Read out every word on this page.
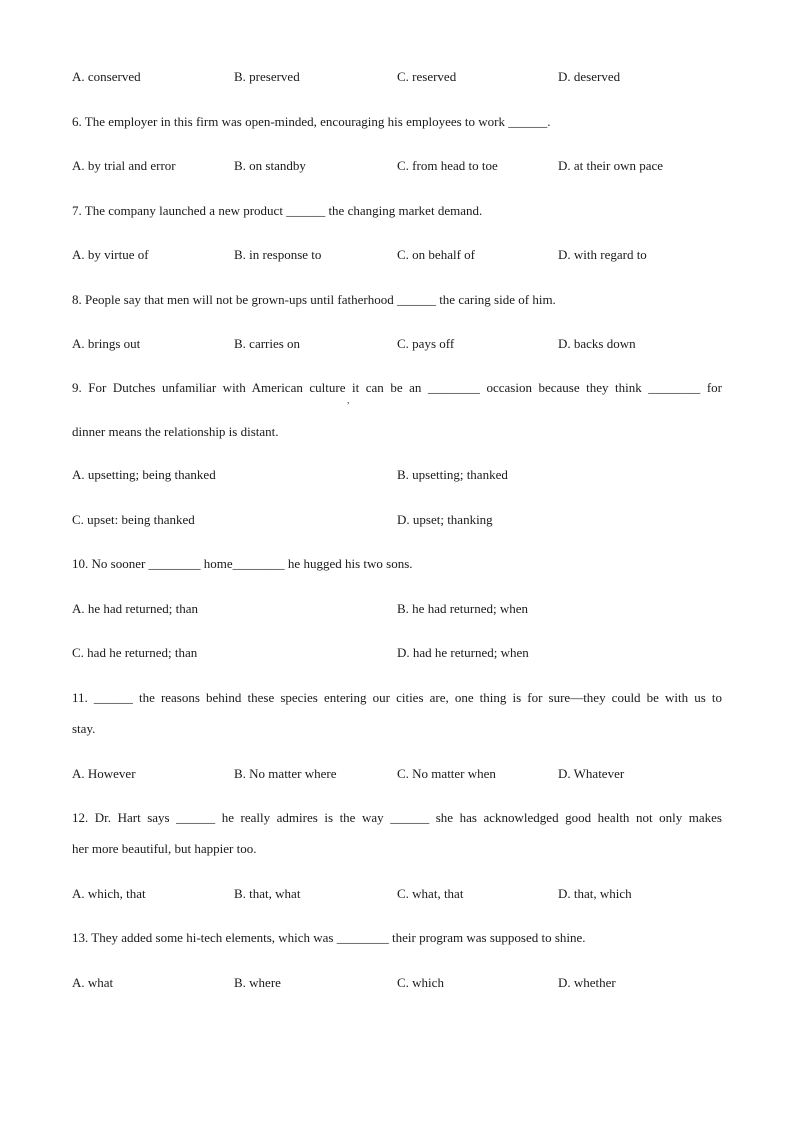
A. conserved	B. preserved	C. reserved	D. deserved
6. The employer in this firm was open-minded, encouraging his employees to work ______.
A. by trial and error	B. on standby	C. from head to toe	D. at their own pace
7. The company launched a new product ______ the changing market demand.
A. by virtue of	B. in response to	C. on behalf of	D. with regard to
8. People say that men will not be grown-ups until fatherhood ______ the caring side of him.
A. brings out	B. carries on	C. pays off	D. backs down
9. For Dutches unfamiliar with American culture it can be an ________ occasion because they think ________ for
,
dinner means the relationship is distant.
A. upsetting; being thanked	B. upsetting; thanked
C. upset: being thanked	D. upset; thanking
10. No sooner ________ home________ he hugged his two sons.
A. he had returned; than	B. he had returned; when
C. had he returned; than	D. had he returned; when
11. ______ the reasons behind these species entering our cities are, one thing is for sure—they could be with us to
stay.
A. However	B. No matter where	C. No matter when	D. Whatever
12. Dr. Hart says ______ he really admires is the way ______ she has acknowledged good health not only makes
her more beautiful, but happier too.
A. which, that	B. that, what	C. what, that	D. that, which
13. They added some hi-tech elements, which was ________ their program was supposed to shine.
A. what	B. where	C. which	D. whether
